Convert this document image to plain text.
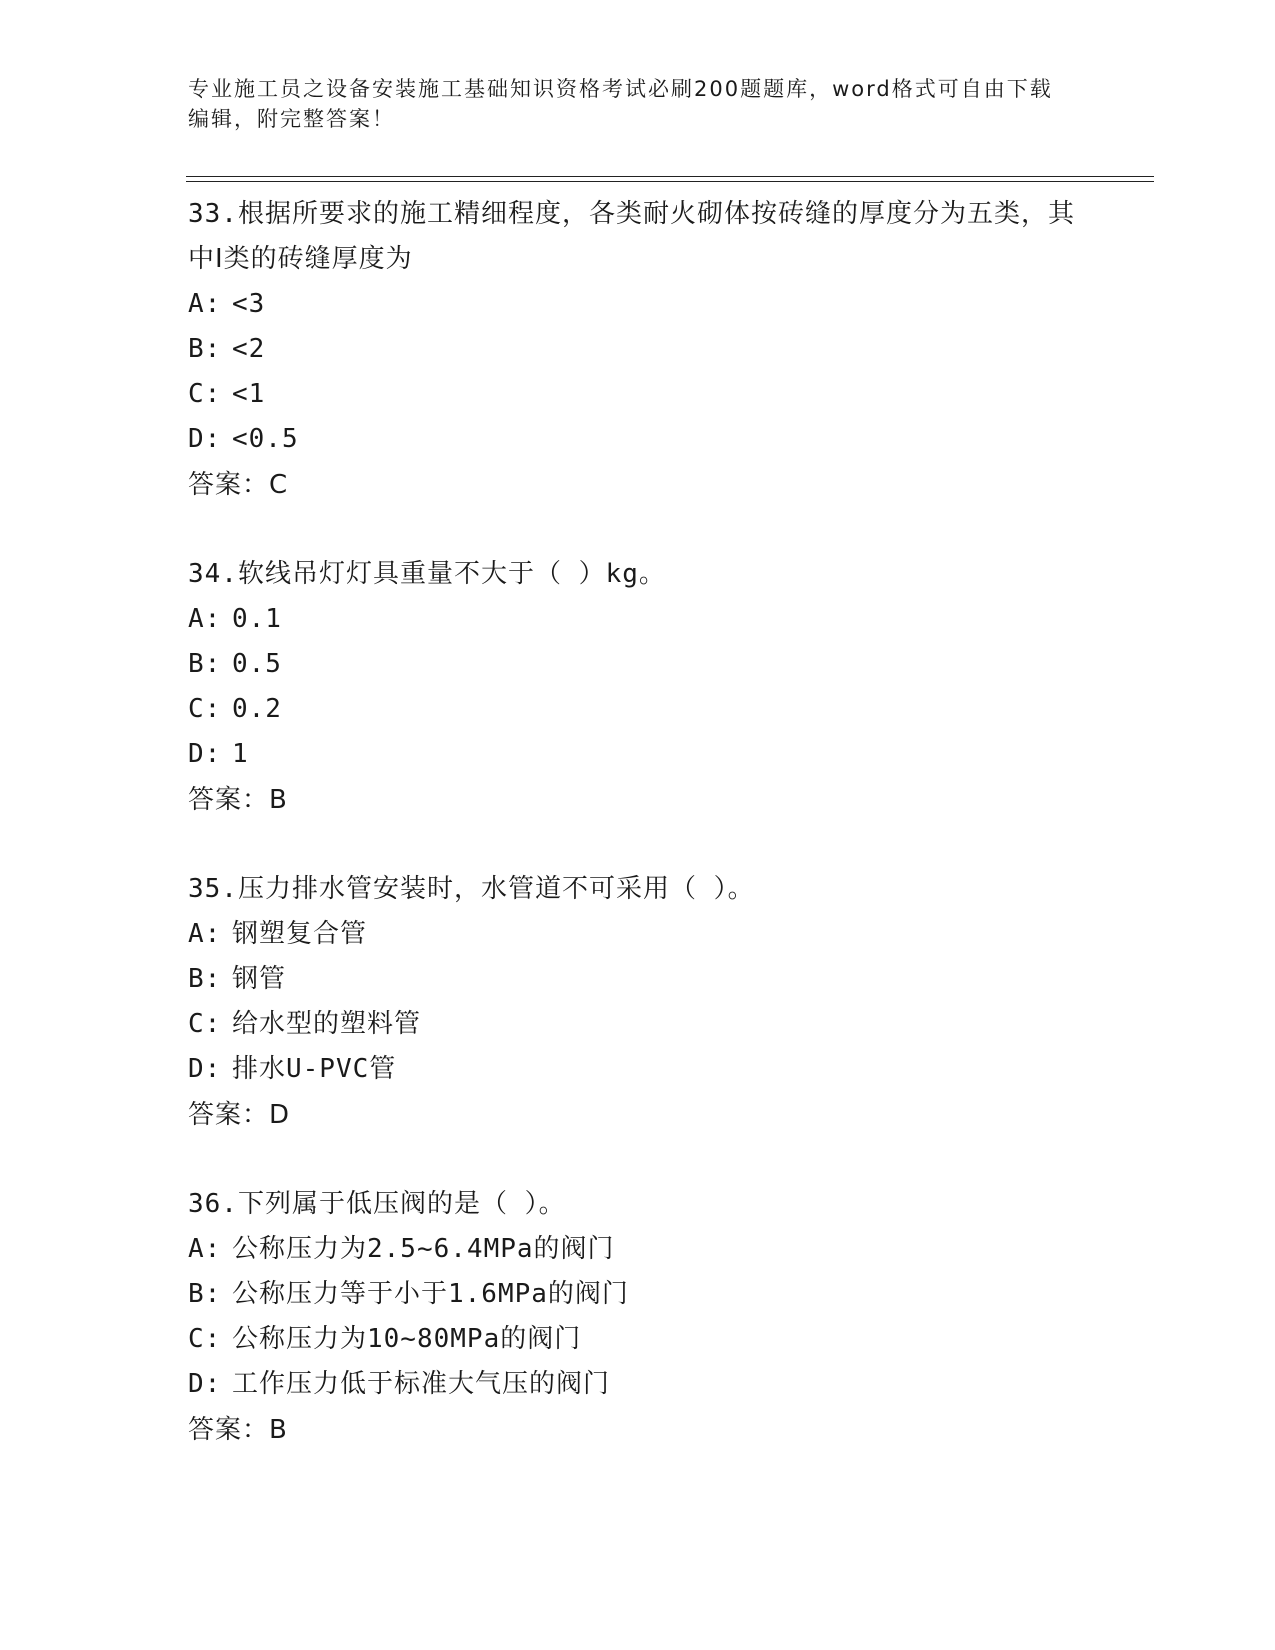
专业施工员之设备安装施工基础知识资格考试必刷200题题库，word格式可自由下载编辑，附完整答案！

33.根据所要求的施工精细程度，各类耐火砌体按砖缝的厚度分为五类，其中Ⅰ类的砖缝厚度为

A: <3
B: <2
C: <1
D: <0.5
答案：C

34.软线吊灯灯具重量不大于（ ）kg。

A: 0.1
B: 0.5
C: 0.2
D: 1
答案：B

35.压力排水管安装时，水管道不可采用（ ）。

A: 钢塑复合管
B: 钢管
C: 给水型的塑料管
D: 排水U-PVC管
答案：D

36.下列属于低压阀的是（ ）。

A: 公称压力为2.5~6.4MPa的阀门
B: 公称压力等于小于1.6MPa的阀门
C: 公称压力为10~80MPa的阀门
D: 工作压力低于标准大气压的阀门
答案：B
